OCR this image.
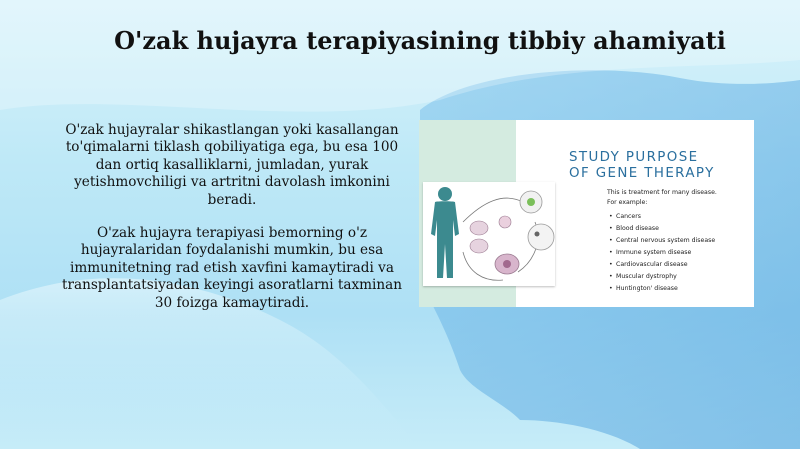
O'zak hujayra terapiyasining tibbiy ahamiyati

O'zak hujayralar shikastlangan yoki kasallangan to'qimalarni tiklash qobiliyatiga ega, bu esa 100 dan ortiq kasalliklarni, jumladan, yurak yetishmovchiligi va artritni davolash imkonini beradi.

O'zak hujayra terapiyasi bemorning o'z hujayralaridan foydalanishi mumkin, bu esa immunitetning rad etish xavfini kamaytiradi va transplantatsiyadan keyingi asoratlarni taxminan 30 foizga kamaytiradi.

STUDY PURPOSE
OF GENE THERAPY
This is treatment for many disease.
For example:
• Cancers
• Blood disease
• Central nervous system disease
• Immune system disease
• Cardiovascular disease
• Muscular dystrophy
• Huntington' disease
